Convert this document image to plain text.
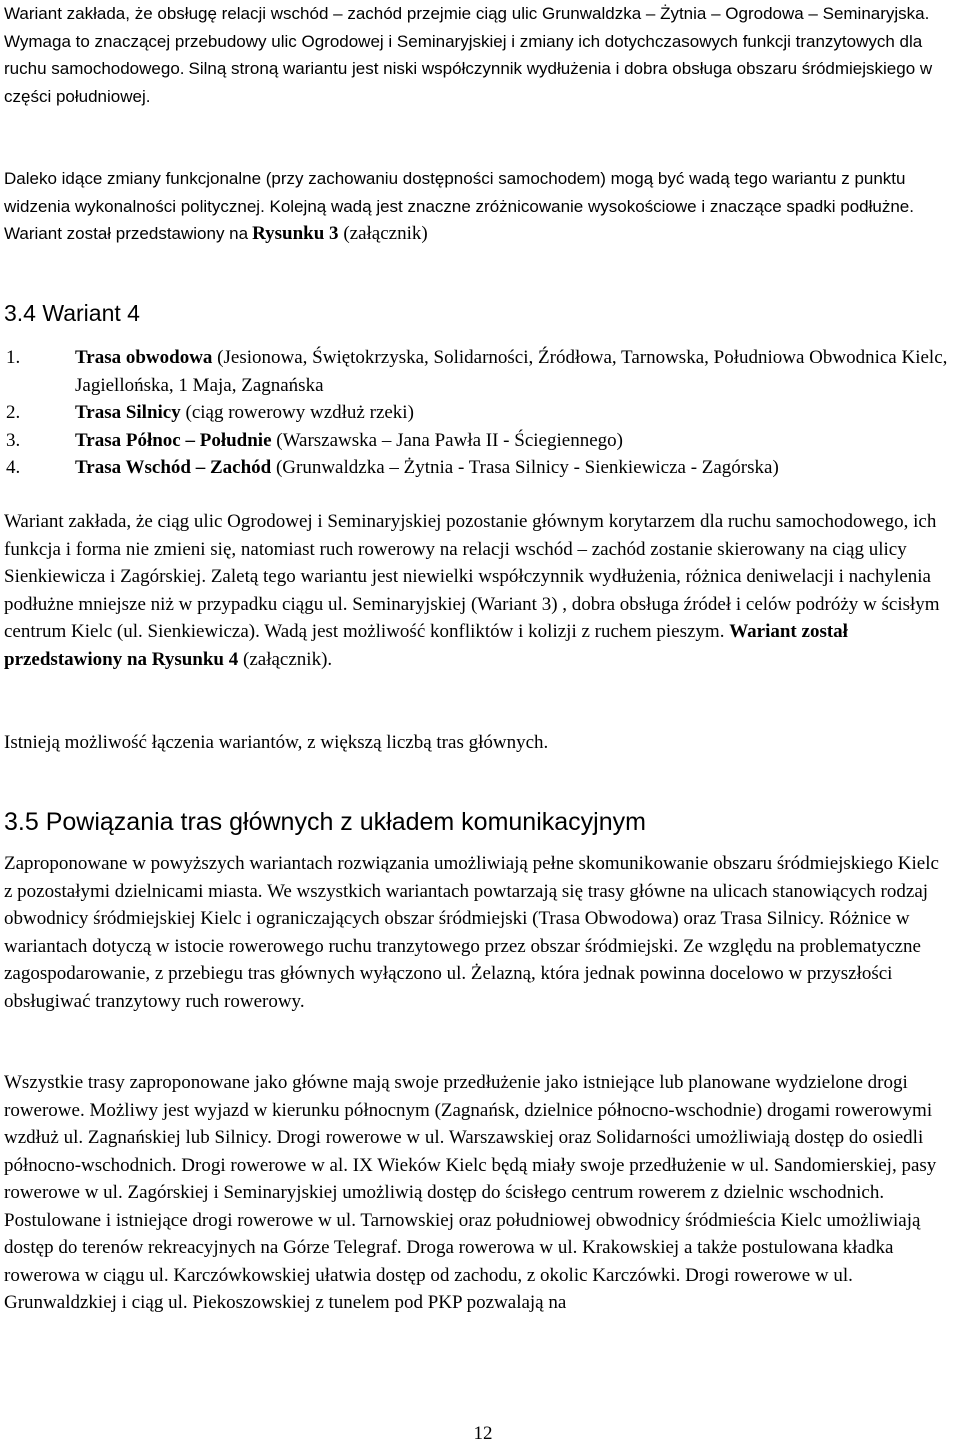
Wariant zakłada, że obsługę relacji wschód – zachód przejmie ciąg ulic Grunwaldzka – Żytnia – Ogrodowa – Seminaryjska. Wymaga to znaczącej przebudowy ulic Ogrodowej i Seminaryjskiej i zmiany ich dotychczasowych funkcji tranzytowych dla ruchu samochodowego. Silną stroną wariantu jest niski współczynnik wydłużenia i dobra obsługa obszaru śródmiejskiego w części południowej.

Daleko idące zmiany funkcjonalne (przy zachowaniu dostępności samochodem) mogą być wadą tego wariantu z punktu widzenia wykonalności politycznej. Kolejną wadą jest znaczne zróżnicowanie wysokościowe i znaczące spadki podłużne. Wariant został przedstawiony na Rysunku 3 (załącznik)

3.4 Wariant 4
1.	Trasa obwodowa (Jesionowa, Świętokrzyska, Solidarności, Źródłowa, Tarnowska, Południowa Obwodnica Kielc, Jagiellońska, 1 Maja, Zagnańska
2.	Trasa Silnicy (ciąg rowerowy wzdłuż rzeki)
3.	Trasa Północ – Południe (Warszawska – Jana Pawła II - Ściegiennego)
4.	Trasa Wschód – Zachód (Grunwaldzka – Żytnia - Trasa Silnicy - Sienkiewicza - Zagórska)

Wariant zakłada, że ciąg ulic Ogrodowej i Seminaryjskiej pozostanie głównym korytarzem dla ruchu samochodowego, ich funkcja i forma nie zmieni się, natomiast ruch rowerowy na relacji wschód – zachód zostanie skierowany na ciąg ulicy Sienkiewicza i Zagórskiej. Zaletą tego wariantu jest niewielki współczynnik wydłużenia, różnica deniwelacji i nachylenia podłużne mniejsze niż w przypadku ciągu ul. Seminaryjskiej (Wariant 3) , dobra obsługa źródeł i celów podróży w ścisłym centrum Kielc (ul. Sienkiewicza). Wadą jest możliwość konfliktów i kolizji z ruchem pieszym. Wariant został przedstawiony na Rysunku 4 (załącznik).

Istnieją możliwość łączenia wariantów, z większą liczbą tras głównych.

3.5 Powiązania tras głównych z układem komunikacyjnym

Zaproponowane w powyższych wariantach rozwiązania umożliwiają pełne skomunikowanie obszaru śródmiejskiego Kielc z pozostałymi dzielnicami miasta. We wszystkich wariantach powtarzają się trasy główne na ulicach stanowiących rodzaj obwodnicy śródmiejskiej Kielc i ograniczających obszar śródmiejski (Trasa Obwodowa) oraz Trasa Silnicy. Różnice w wariantach dotyczą w istocie rowerowego ruchu tranzytowego przez obszar śródmiejski. Ze względu na problematyczne zagospodarowanie, z przebiegu tras głównych wyłączono ul. Żelazną, która jednak powinna docelowo w przyszłości obsługiwać tranzytowy ruch rowerowy.

Wszystkie trasy zaproponowane jako główne mają swoje przedłużenie jako istniejące lub planowane wydzielone drogi rowerowe. Możliwy jest wyjazd w kierunku północnym (Zagnańsk, dzielnice północno-wschodnie) drogami rowerowymi wzdłuż ul. Zagnańskiej lub Silnicy. Drogi rowerowe w ul. Warszawskiej oraz Solidarności umożliwiają dostęp do osiedli północno-wschodnich. Drogi rowerowe w al. IX Wieków Kielc będą miały swoje przedłużenie w ul. Sandomierskiej, pasy rowerowe w ul. Zagórskiej i Seminaryjskiej umożliwią dostęp do ścisłego centrum rowerem z dzielnic wschodnich. Postulowane i istniejące drogi rowerowe w ul. Tarnowskiej oraz południowej obwodnicy śródmieścia Kielc umożliwiają dostęp do terenów rekreacyjnych na Górze Telegraf. Droga rowerowa w ul. Krakowskiej a także postulowana kładka rowerowa w ciągu ul. Karczówkowskiej ułatwia dostęp od zachodu, z okolic Karczówki. Drogi rowerowe w ul. Grunwaldzkiej i ciąg ul. Piekoszowskiej z tunelem pod PKP pozwalają na

12
